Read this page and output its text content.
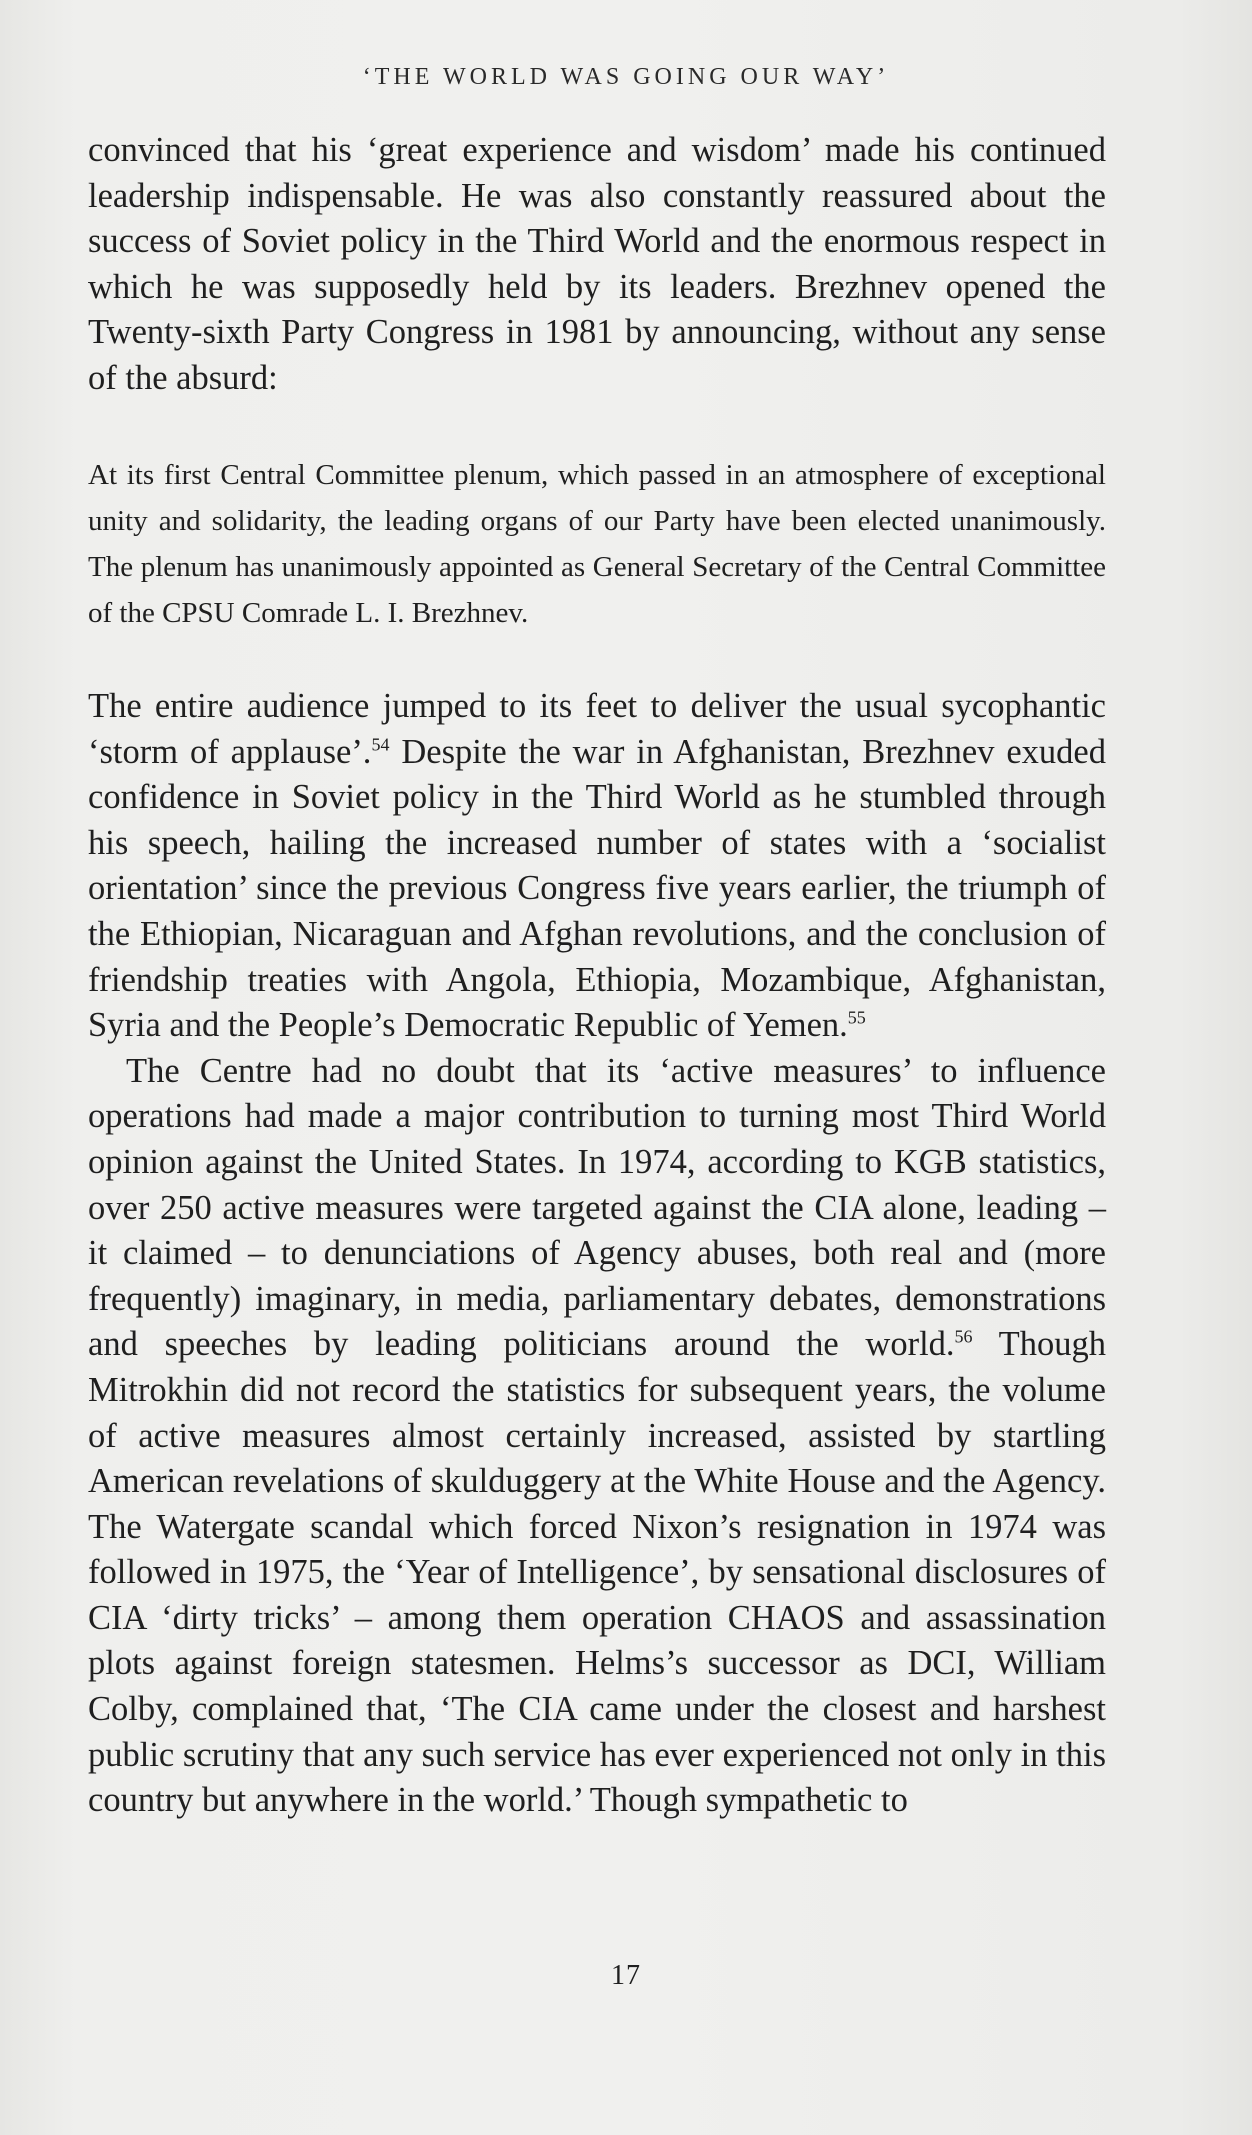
‘THE WORLD WAS GOING OUR WAY’

convinced that his ‘great experience and wisdom’ made his continued leadership indispensable. He was also constantly reassured about the success of Soviet policy in the Third World and the enormous respect in which he was supposedly held by its leaders. Brezhnev opened the Twenty-sixth Party Congress in 1981 by announcing, without any sense of the absurd:

At its first Central Committee plenum, which passed in an atmosphere of exceptional unity and solidarity, the leading organs of our Party have been elected unanimously. The plenum has unanimously appointed as General Secretary of the Central Committee of the CPSU Comrade L. I. Brezhnev.

The entire audience jumped to its feet to deliver the usual sycophantic ‘storm of applause’.$^{54}$ Despite the war in Afghanistan, Brezhnev exuded confidence in Soviet policy in the Third World as he stumbled through his speech, hailing the increased number of states with a ‘socialist orientation’ since the previous Congress five years earlier, the triumph of the Ethiopian, Nicaraguan and Afghan revolutions, and the conclusion of friendship treaties with Angola, Ethiopia, Mozambique, Afghanistan, Syria and the People’s Democratic Republic of Yemen.$^{55}$

The Centre had no doubt that its ‘active measures’ to influence operations had made a major contribution to turning most Third World opinion against the United States. In 1974, according to KGB statistics, over 250 active measures were targeted against the CIA alone, leading – it claimed – to denunciations of Agency abuses, both real and (more frequently) imaginary, in media, parliamentary debates, demonstrations and speeches by leading politicians around the world.$^{56}$ Though Mitrokhin did not record the statistics for subsequent years, the volume of active measures almost certainly increased, assisted by startling American revelations of skulduggery at the White House and the Agency. The Watergate scandal which forced Nixon’s resignation in 1974 was followed in 1975, the ‘Year of Intelligence’, by sensational disclosures of CIA ‘dirty tricks’ – among them operation CHAOS and assassination plots against foreign statesmen. Helms’s successor as DCI, William Colby, complained that, ‘The CIA came under the closest and harshest public scrutiny that any such service has ever experienced not only in this country but anywhere in the world.’ Though sympathetic to

17
